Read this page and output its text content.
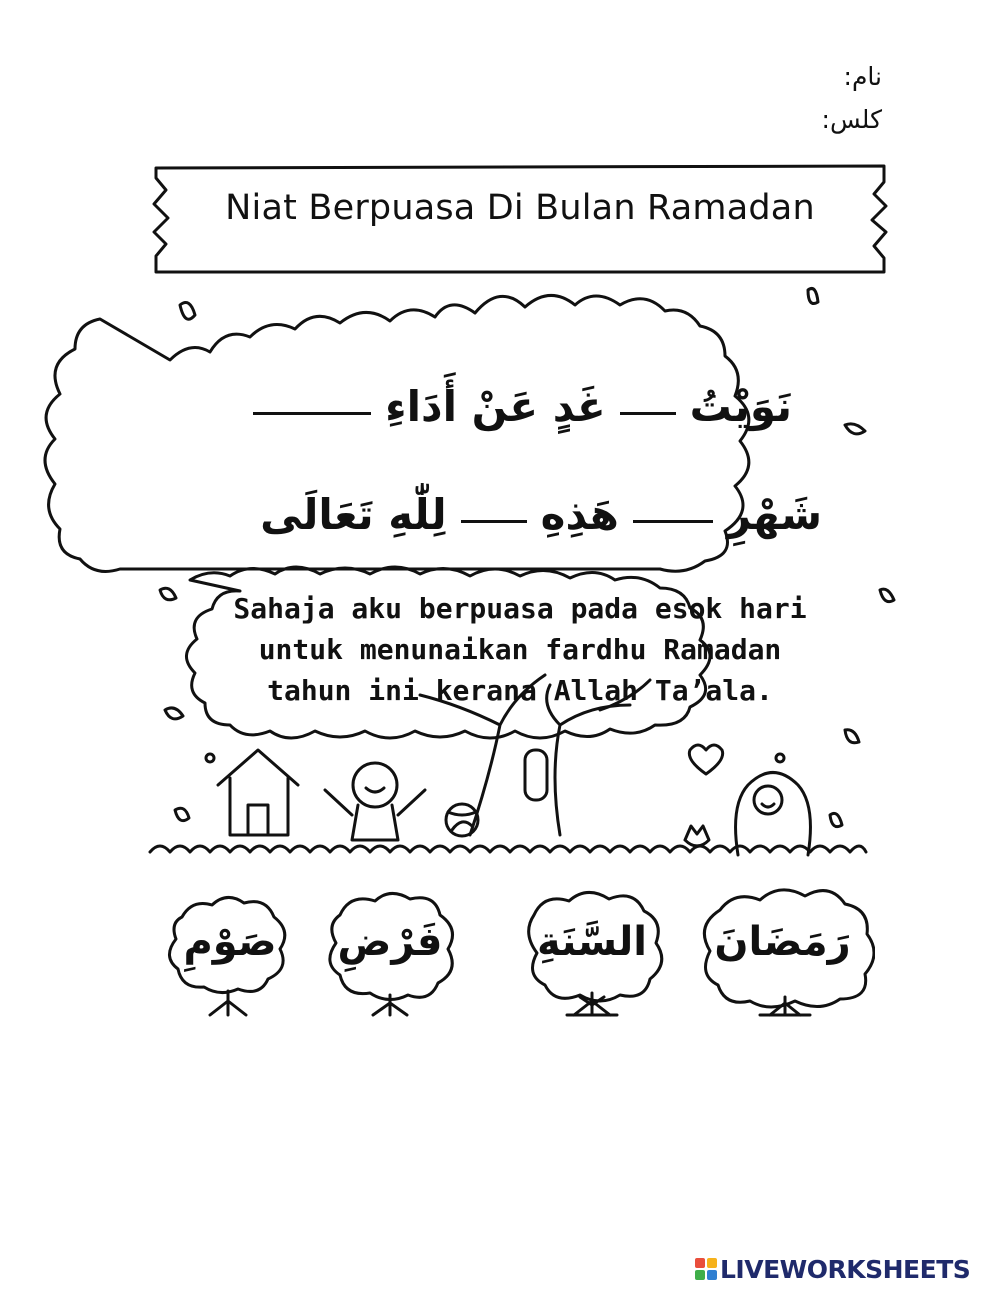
نام:
كلس:
Niat Berpuasa Di Bulan Ramadan
نَوَيْتُ
غَدٍ عَنْ أَدَاءِ
شَهْرِ
هَذِهِ
لِلّٰهِ تَعَالَى
Sahaja aku berpuasa pada esok hari
untuk menunaikan fardhu Ramadan
tahun ini kerana Allah Ta’ala.
رَمَضَانَ
السَّنَةِ
فَرْضِ
صَوْمِ
LIVEWORKSHEETS
